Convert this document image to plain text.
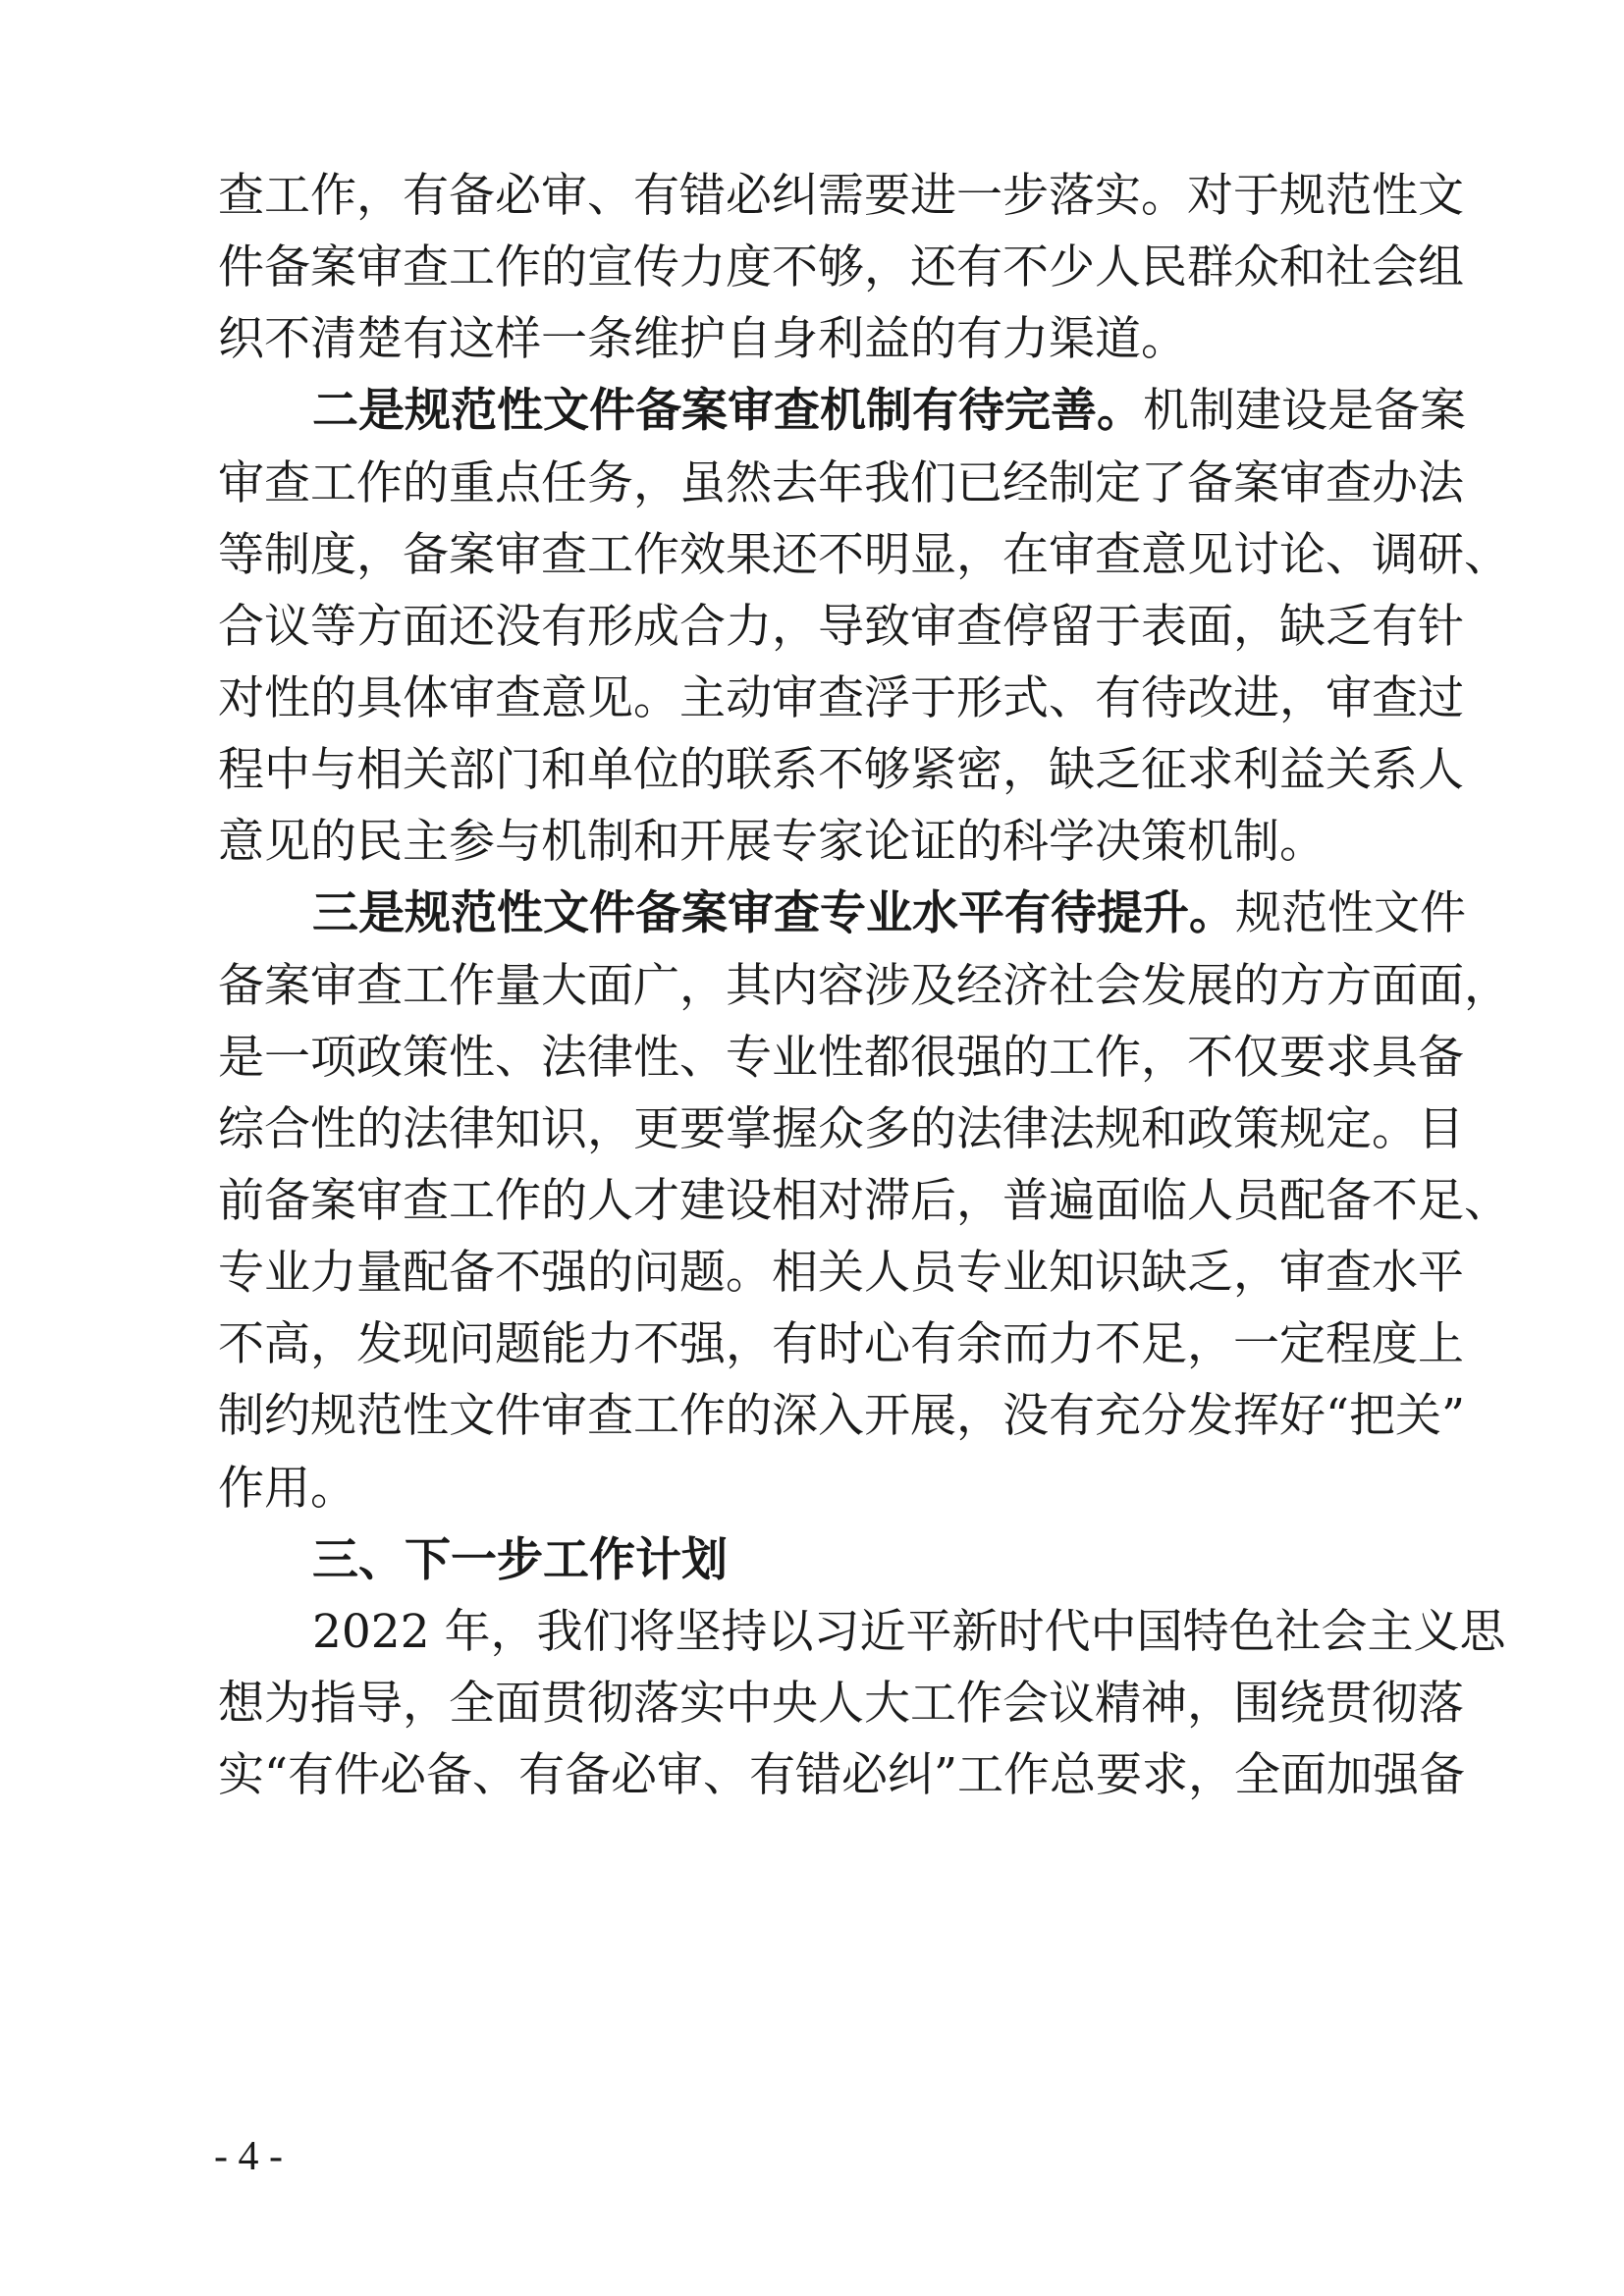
查工作，有备必审、有错必纠需要进一步落实。对于规范性文
件备案审查工作的宣传力度不够，还有不少人民群众和社会组
织不清楚有这样一条维护自身利益的有力渠道。
二是规范性文件备案审查机制有待完善。机制建设是备案
审查工作的重点任务，虽然去年我们已经制定了备案审查办法
等制度，备案审查工作效果还不明显，在审查意见讨论、调研、
合议等方面还没有形成合力，导致审查停留于表面，缺乏有针
对性的具体审查意见。主动审查浮于形式、有待改进，审查过
程中与相关部门和单位的联系不够紧密，缺乏征求利益关系人
意见的民主参与机制和开展专家论证的科学决策机制。
三是规范性文件备案审查专业水平有待提升。规范性文件
备案审查工作量大面广，其内容涉及经济社会发展的方方面面，
是一项政策性、法律性、专业性都很强的工作，不仅要求具备
综合性的法律知识，更要掌握众多的法律法规和政策规定。目
前备案审查工作的人才建设相对滞后，普遍面临人员配备不足、
专业力量配备不强的问题。相关人员专业知识缺乏，审查水平
不高，发现问题能力不强，有时心有余而力不足，一定程度上
制约规范性文件审查工作的深入开展，没有充分发挥好“把关”
作用。
三、下一步工作计划
2022 年，我们将坚持以习近平新时代中国特色社会主义思
想为指导，全面贯彻落实中央人大工作会议精神，围绕贯彻落
实“有件必备、有备必审、有错必纠”工作总要求，全面加强备
- 4 -
